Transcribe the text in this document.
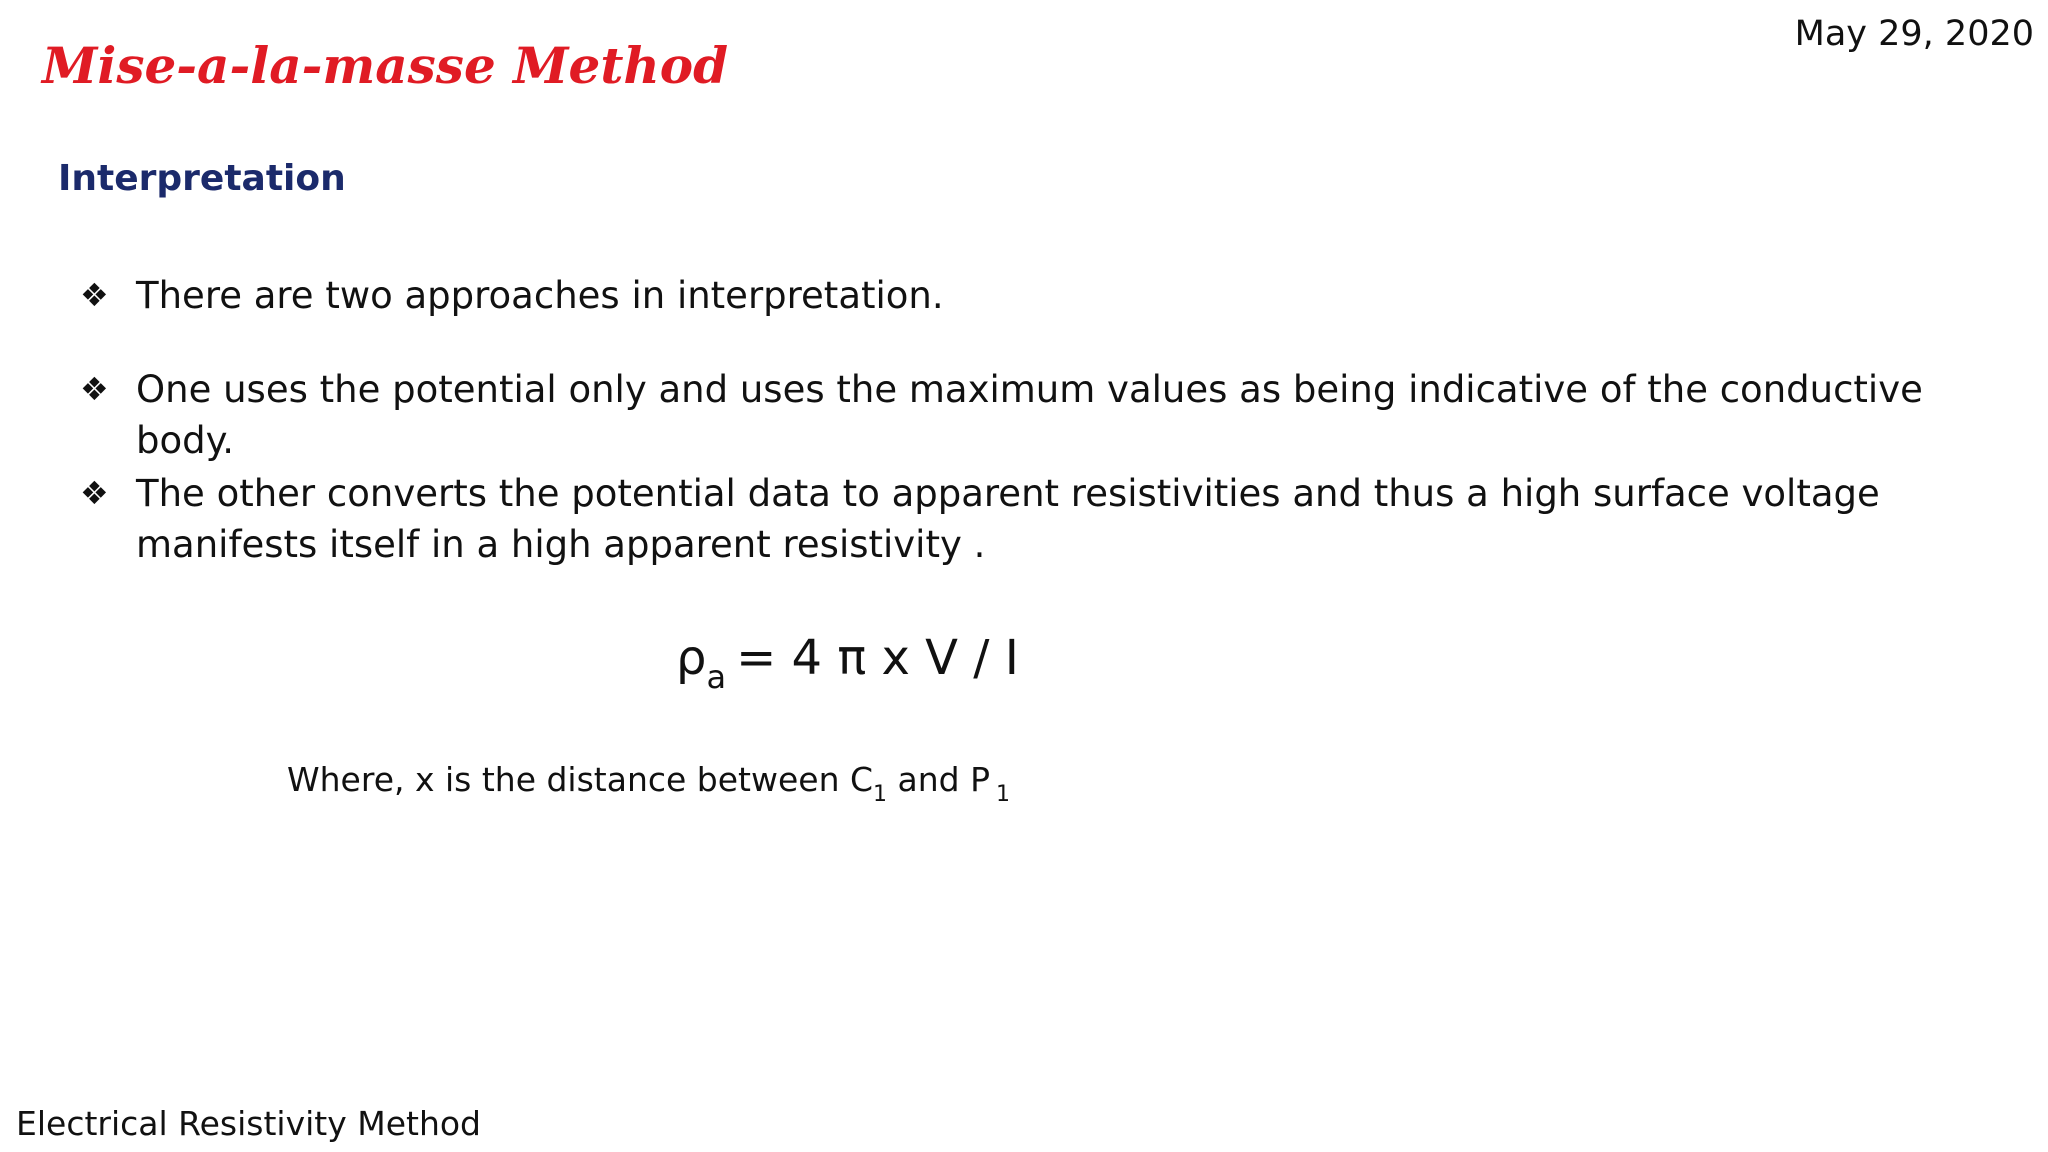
May 29, 2020
Mise-a-la-masse Method
Interpretation
❖ There are two approaches in interpretation.
❖ One uses the potential only and uses the maximum values as being indicative of the conductive body.
❖ The other converts the potential data to apparent resistivities and thus a high surface voltage manifests itself in a high apparent resistivity .
$\rho_a = 4$ π x V / I
Where, x is the distance between $C_1$ and P $_1$
Electrical Resistivity Method
